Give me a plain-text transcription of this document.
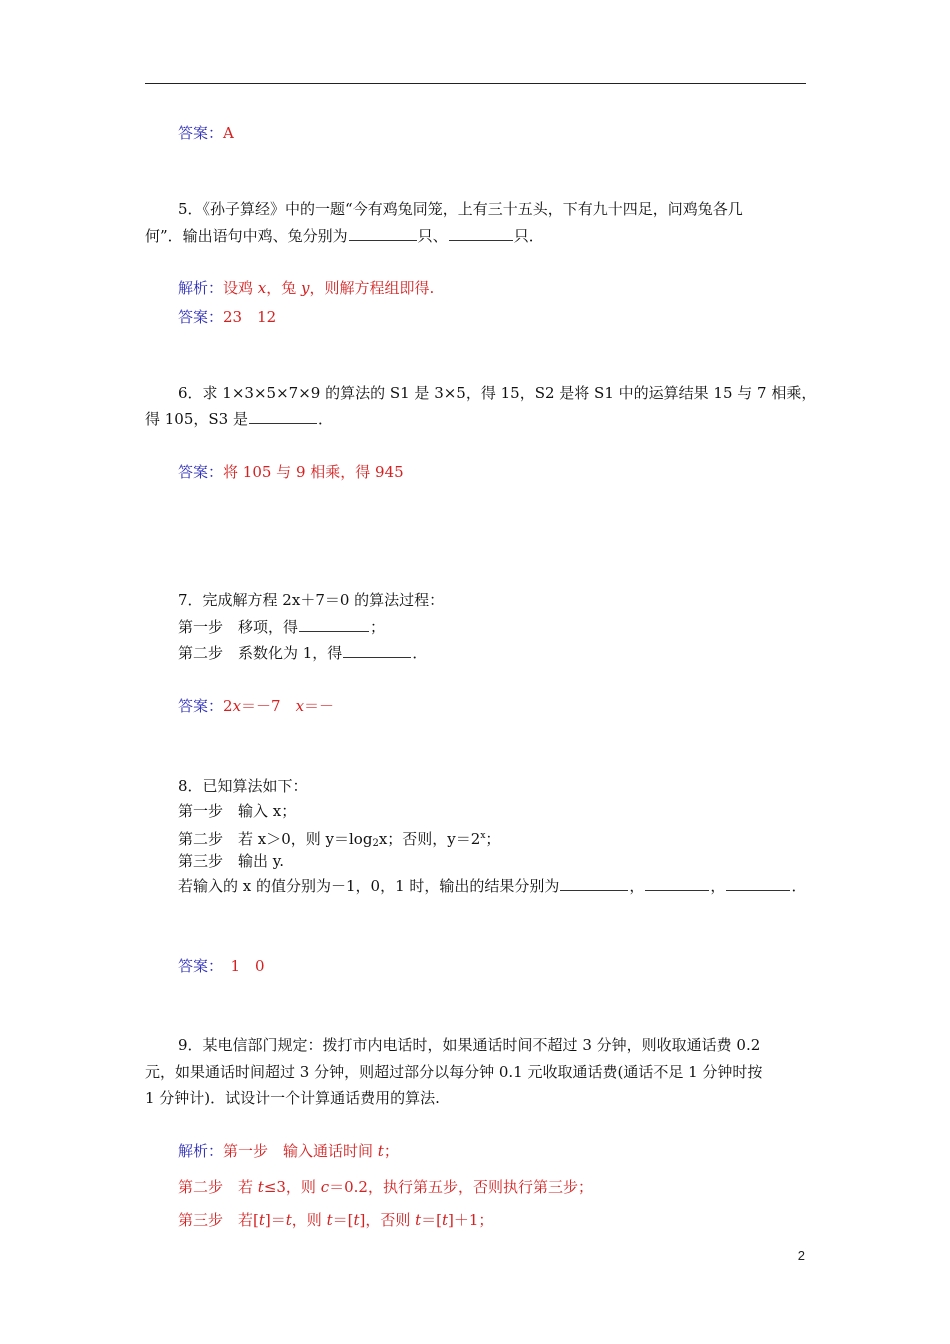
答案：A
5．《孙子算经》中的一题“今有鸡兔同笼，上有三十五头，下有九十四足，问鸡兔各几
何”．输出语句中鸡、兔分别为	只、	只．
解析：设鸡 x，兔 y，则解方程组即得.
答案：23　12
6．求 1×3×5×7×9 的算法的 S1 是 3×5，得 15，S2 是将 S1 中的运算结果 15 与 7 相乘，
得 105，S3 是	．
答案：将 105 与 9 相乘，得 945
7．完成解方程 2x＋7＝0 的算法过程：
第一步　移项，得	；
第二步　系数化为 1，得	．
答案：2x＝－7　x＝－
8．已知算法如下：
第一步　输入 x；
第二步　若 x＞0，则 $y=\log_2x$；否则，$y=2^x$；
第三步　输出 y.
若输入的 x 的值分别为－1，0，1 时，输出的结果分别为	，	，	．
答案：　1　0
9．某电信部门规定：拨打市内电话时，如果通话时间不超过 3 分钟，则收取通话费 0.2
元，如果通话时间超过 3 分钟，则超过部分以每分钟 0.1 元收取通话费(通话不足 1 分钟时按
1 分钟计)．试设计一个计算通话费用的算法.
解析：第一步　输入通话时间 t；
第二步　若 t≤3，则 c＝0.2，执行第五步，否则执行第三步；
第三步　若[t]＝t，则 t＝[t]，否则 t＝[t]＋1；
2
